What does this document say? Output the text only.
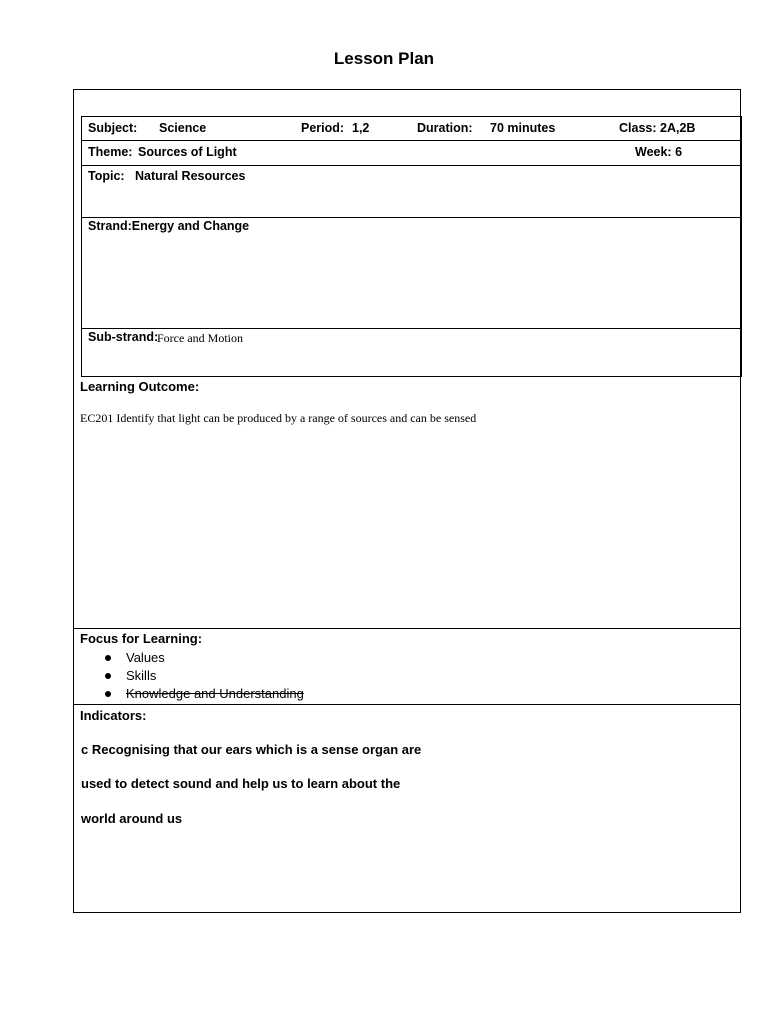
Lesson Plan
Subject: Science	Period: 1,2	Duration: 70 minutes	Class: 2A,2B
Theme: Sources of Light	Week: 6
Topic: Natural Resources
Strand:Energy and Change
Sub-strand:
Force and Motion
Learning Outcome:
EC201 Identify that light can be produced by a range of sources and can be sensed
Focus for Learning:
Values
Skills
Knowledge and Understanding
Indicators:
c Recognising that our ears which is a sense organ are
used to detect sound and help us to learn about the
world around us
